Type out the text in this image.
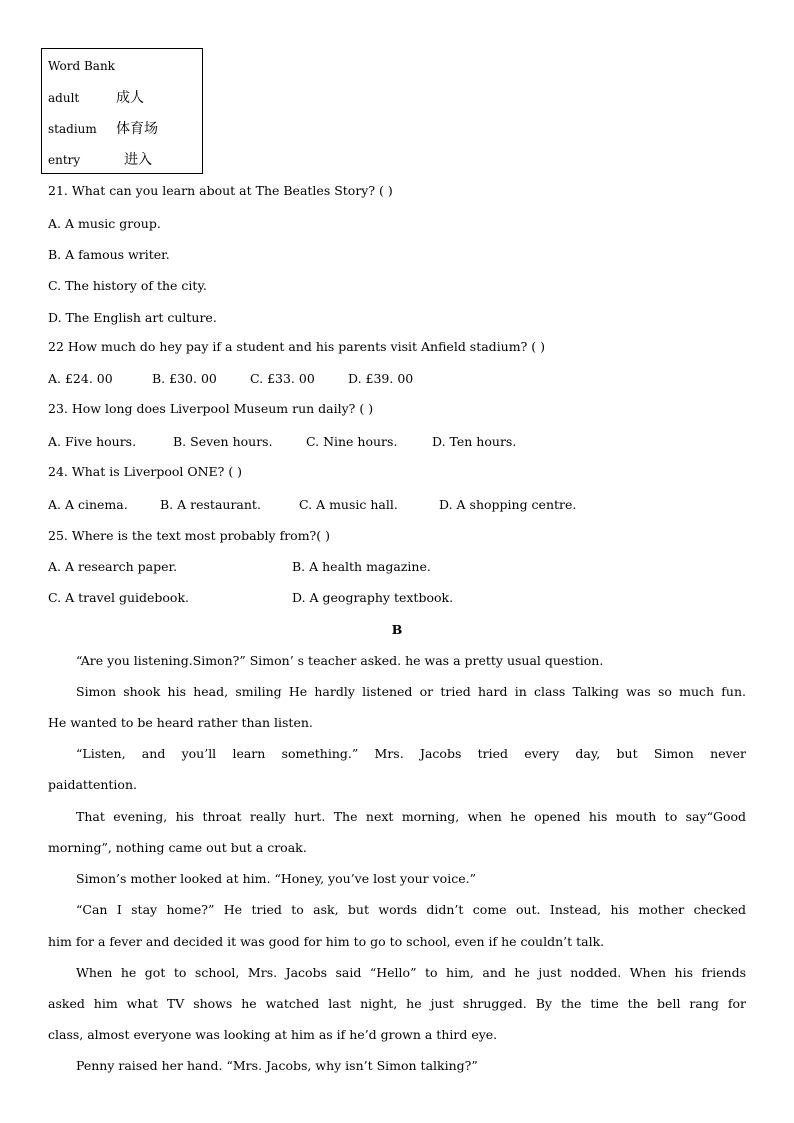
Word Bank
adult	成人
stadium 体育场
entry	进入
21. What can you learn about at The Beatles Story? ( )
A. A music group.
B. A famous writer.
C. The history of the city.
D. The English art culture.
22 How much do hey pay if a student and his parents visit Anfield stadium? ( )
A. £24. 00	B. £30. 00	C. £33. 00	D. £39. 00
23. How long does Liverpool Museum run daily? ( )
A. Five hours.	B. Seven hours.	C. Nine hours.	D. Ten hours.
24. What is Liverpool ONE? ( )
A. A cinema.	B. A restaurant.	C. A music hall.	D. A shopping centre.
25. Where is the text most probably from?( )
A. A research paper.	B. A health magazine.
C. A travel guidebook.	D. A geography textbook.
B
“Are you listening.Simon?” Simon’ s teacher asked. he was a pretty usual question.
Simon shook his head, smiling He hardly listened or tried hard in class Talking was so much fun.
He wanted to be heard rather than listen.
“Listen, and you’ll learn something.” Mrs. Jacobs tried every day, but Simon never
paidattention.
That evening, his throat really hurt. The next morning, when he opened his mouth to say“Good
morning”, nothing came out but a croak.
Simon’s mother looked at him. “Honey, you’ve lost your voice.”
“Can I stay home?” He tried to ask, but words didn’t come out. Instead, his mother checked
him for a fever and decided it was good for him to go to school, even if he couldn’t talk.
When he got to school, Mrs. Jacobs said “Hello” to him, and he just nodded. When his friends
asked him what TV shows he watched last night, he just shrugged. By the time the bell rang for
class, almost everyone was looking at him as if he’d grown a third eye.
Penny raised her hand. “Mrs. Jacobs, why isn’t Simon talking?”
